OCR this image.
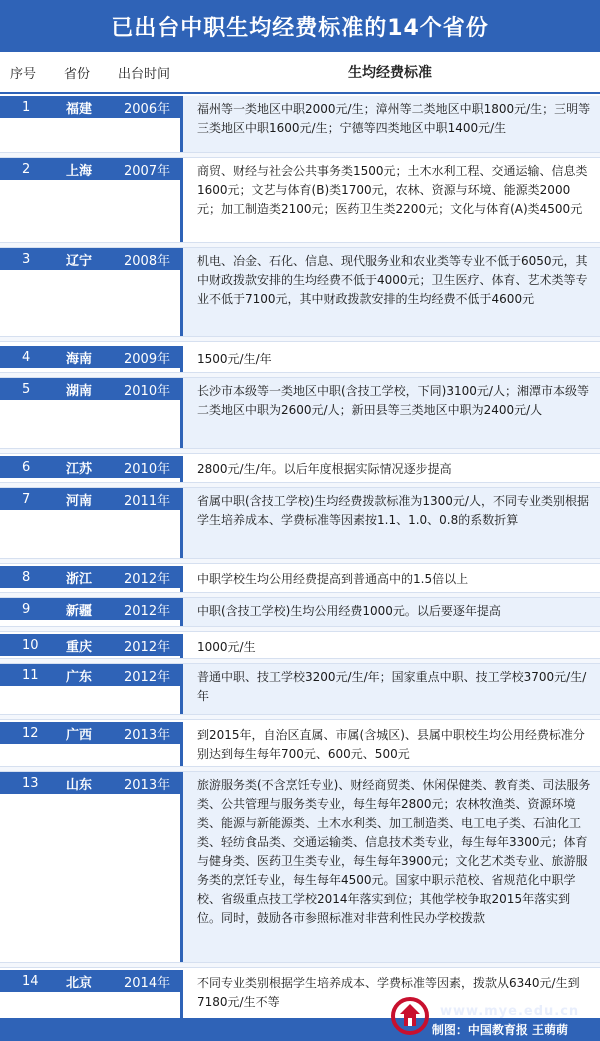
已出台中职生均经费标准的14个省份
序号 省份 出台时间	生均经费标准
1	福建 2006年	福州等一类地区中职2000元/生；漳州等二类地区中职1800元/生；三明等三类地区中职1600元/生；宁德等四类地区中职1400元/生
2	上海 2007年	商贸、财经与社会公共事务类1500元；土木水利工程、交通运输、信息类1600元；文艺与体育(B)类1700元，农林、资源与环境、能源类2000元；加工制造类2100元；医药卫生类2200元；文化与体育(A)类4500元
3	辽宁 2008年	机电、冶金、石化、信息、现代服务业和农业类等专业不低于6050元，其中财政拨款安排的生均经费不低于4000元；卫生医疗、体育、艺术类等专业不低于7100元，其中财政拨款安排的生均经费不低于4600元
4	海南 2009年	1500元/生/年
5	湖南 2010年	长沙市本级等一类地区中职(含技工学校，下同)3100元/人；湘潭市本级等二类地区中职为2600元/人；新田县等三类地区中职为2400元/人
6	江苏 2010年	2800元/生/年。以后年度根据实际情况逐步提高
7	河南 2011年	省属中职(含技工学校)生均经费拨款标准为1300元/人，不同专业类别根据学生培养成本、学费标准等因素按1.1、1.0、0.8的系数折算
8	浙江 2012年	中职学校生均公用经费提高到普通高中的1.5倍以上
9	新疆 2012年	中职(含技工学校)生均公用经费1000元。以后要逐年提高
10 重庆 2012年	1000元/生
11 广东 2012年	普通中职、技工学校3200元/生/年；国家重点中职、技工学校3700元/生/年
12 广西 2013年	到2015年，自治区直属、市属(含城区)、县属中职校生均公用经费标准分别达到每生每年700元、600元、500元
13 山东 2013年	旅游服务类(不含烹饪专业)、财经商贸类、休闲保健类、教育类、司法服务类、公共管理与服务类专业，每生每年2800元；农林牧渔类、资源环境类、能源与新能源类、土木水利类、加工制造类、电工电子类、石油化工类、轻纺食品类、交通运输类、信息技术类专业，每生每年3300元；体育与健身类、医药卫生类专业，每生每年3900元；文化艺术类专业、旅游服务类的烹饪专业，每生每年4500元。国家中职示范校、省规范化中职学校、省级重点技工学校2014年落实到位；其他学校争取2015年落实到位。同时，鼓励各市参照标准对非营利性民办学校拨款
14 北京 2014年	不同专业类别根据学生培养成本、学费标准等因素，拨款从6340元/生到7180元/生不等
制图：中国教育报 王萌萌
www.mye.edu.cn
